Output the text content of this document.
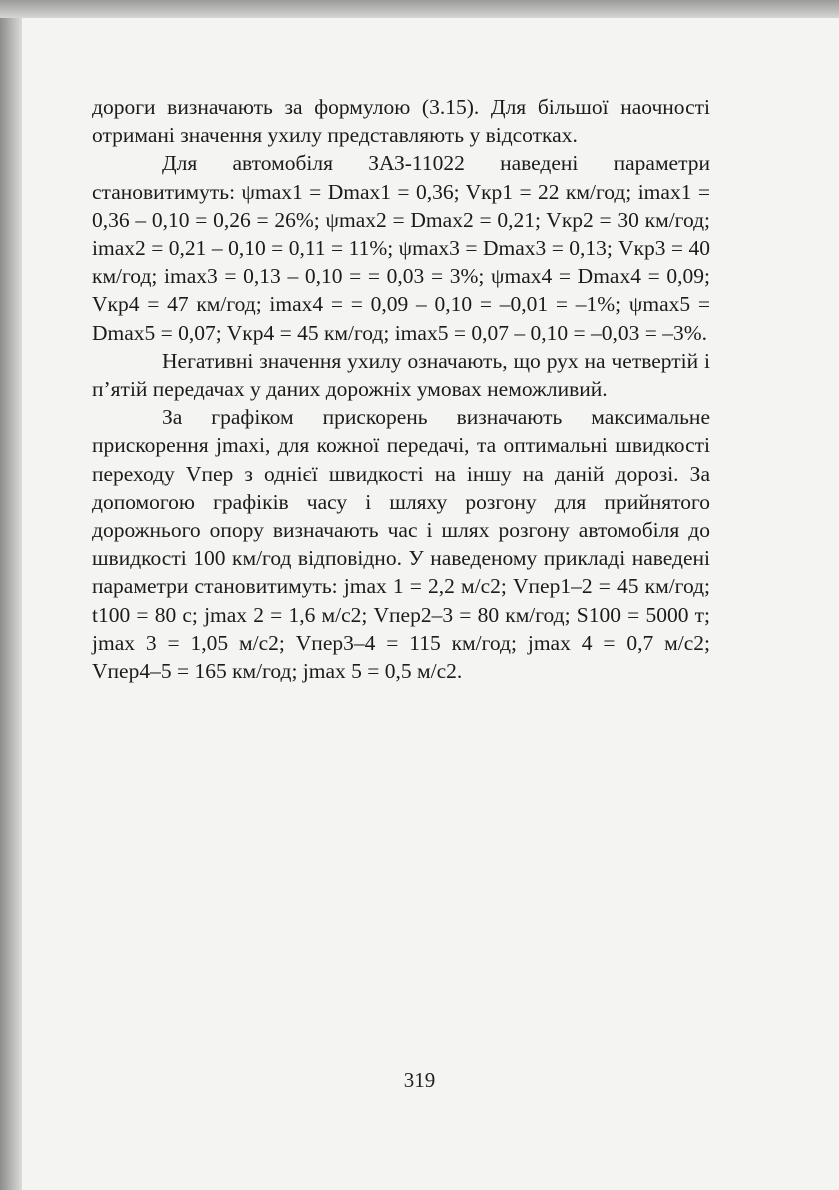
дороги визначають за формулою (3.15). Для більшої наочності отримані значення ухилу представляють у відсотках.

Для автомобіля ЗАЗ-11022 наведені параметри становитимуть: ψmax1 = Dmax1 = 0,36; Vкр1 = 22 км/год; imax1 = 0,36 – 0,10 = 0,26 = 26%; ψmax2 = Dmax2 = 0,21; Vкр2 = 30 км/год; imax2 = 0,21 – 0,10 = 0,11 = 11%; ψmax3 = Dmax3 = 0,13; Vкр3 = 40 км/год; imax3 = 0,13 – 0,10 = = 0,03 = 3%; ψmax4 = Dmax4 = 0,09; Vкр4 = 47 км/год; imax4 = = 0,09 – 0,10 = –0,01 = –1%; ψmax5 = Dmax5 = 0,07; Vкр4 = 45 км/год; imax5 = 0,07 – 0,10 = –0,03 = –3%.

Негативні значення ухилу означають, що рух на четвертій і п’ятій передачах у даних дорожніх умовах неможливий.

За графіком прискорень визначають максимальне прискорення jmaxi, для кожної передачі, та оптимальні швидкості переходу Vпер з однієї швидкості на іншу на даній дорозі. За допомогою графіків часу і шляху розгону для прийнятого дорожнього опору визначають час і шлях розгону автомобіля до швидкості 100 км/год відповідно. У наведеному прикладі наведені параметри становитимуть: jmax 1 = 2,2 м/с2; Vпер1–2 = 45 км/год; t100 = 80 с; jmax 2 = 1,6 м/с2; Vпер2–3 = 80 км/год; S100 = 5000 т; jmax 3 = 1,05 м/с2; Vпер3–4 = 115 км/год; jmax 4 = 0,7 м/с2; Vпер4–5 = 165 км/год; jmax 5 = 0,5 м/с2.

319
